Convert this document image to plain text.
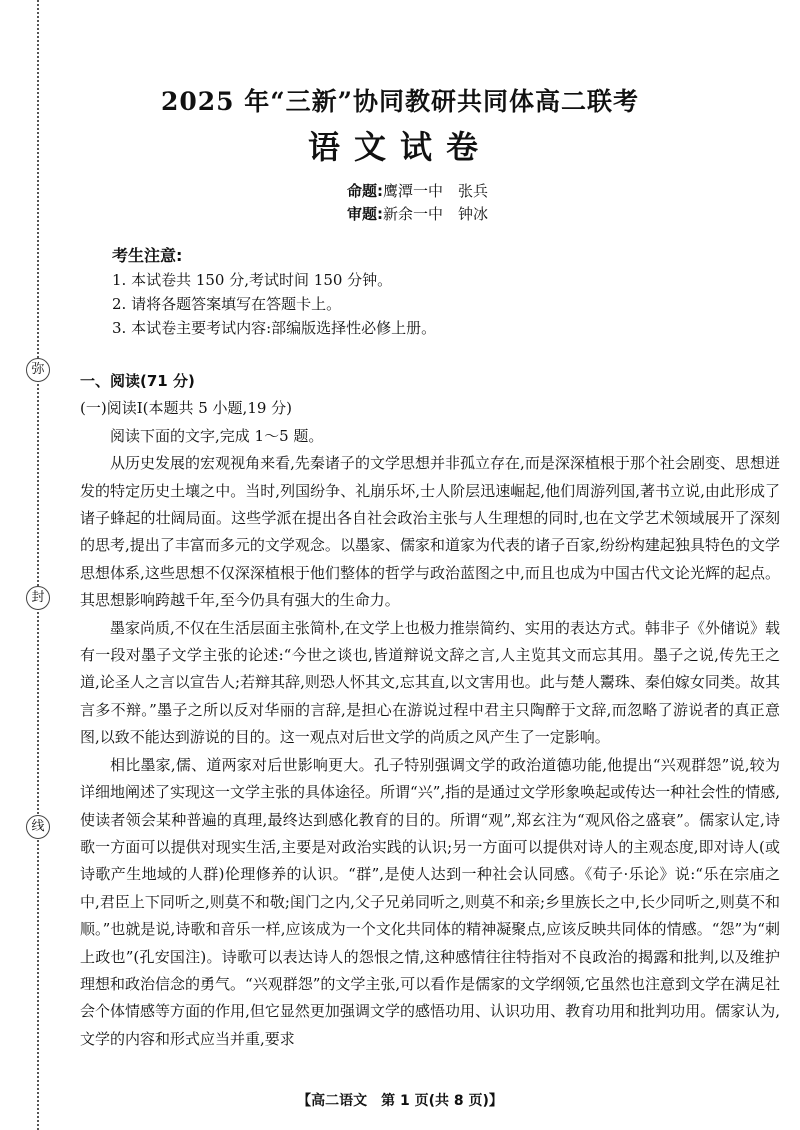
弥
封
线
2025 年“三新”协同教研共同体高二联考
语文试卷
命题:鹰潭一中　张兵
审题:新余一中　钟冰
考生注意:
1. 本试卷共 150 分,考试时间 150 分钟。
2. 请将各题答案填写在答题卡上。
3. 本试卷主要考试内容:部编版选择性必修上册。
一、阅读(71 分)
(一)阅读Ⅰ(本题共 5 小题,19 分)

阅读下面的文字,完成 1～5 题。

从历史发展的宏观视角来看,先秦诸子的文学思想并非孤立存在,而是深深植根于那个社会剧变、思想迸发的特定历史土壤之中。当时,列国纷争、礼崩乐坏,士人阶层迅速崛起,他们周游列国,著书立说,由此形成了诸子蜂起的壮阔局面。这些学派在提出各自社会政治主张与人生理想的同时,也在文学艺术领域展开了深刻的思考,提出了丰富而多元的文学观念。以墨家、儒家和道家为代表的诸子百家,纷纷构建起独具特色的文学思想体系,这些思想不仅深深植根于他们整体的哲学与政治蓝图之中,而且也成为中国古代文论光辉的起点。其思想影响跨越千年,至今仍具有强大的生命力。

墨家尚质,不仅在生活层面主张简朴,在文学上也极力推崇简约、实用的表达方式。韩非子《外储说》载有一段对墨子文学主张的论述:“今世之谈也,皆道辩说文辞之言,人主览其文而忘其用。墨子之说,传先王之道,论圣人之言以宣告人;若辩其辞,则恐人怀其文,忘其直,以文害用也。此与楚人鬻珠、秦伯嫁女同类。故其言多不辩。”墨子之所以反对华丽的言辞,是担心在游说过程中君主只陶醉于文辞,而忽略了游说者的真正意图,以致不能达到游说的目的。这一观点对后世文学的尚质之风产生了一定影响。

相比墨家,儒、道两家对后世影响更大。孔子特别强调文学的政治道德功能,他提出“兴观群怨”说,较为详细地阐述了实现这一文学主张的具体途径。所谓“兴”,指的是通过文学形象唤起或传达一种社会性的情感,使读者领会某种普遍的真理,最终达到感化教育的目的。所谓“观”,郑玄注为“观风俗之盛衰”。儒家认定,诗歌一方面可以提供对现实生活,主要是对政治实践的认识;另一方面可以提供对诗人的主观态度,即对诗人(或诗歌产生地域的人群)伦理修养的认识。“群”,是使人达到一种社会认同感。《荀子·乐论》说:“乐在宗庙之中,君臣上下同听之,则莫不和敬;闺门之内,父子兄弟同听之,则莫不和亲;乡里族长之中,长少同听之,则莫不和顺。”也就是说,诗歌和音乐一样,应该成为一个文化共同体的精神凝聚点,应该反映共同体的情感。“怨”为“刺上政也”(孔安国注)。诗歌可以表达诗人的怨恨之情,这种感情往往特指对不良政治的揭露和批判,以及维护理想和政治信念的勇气。“兴观群怨”的文学主张,可以看作是儒家的文学纲领,它虽然也注意到文学在满足社会个体情感等方面的作用,但它显然更加强调文学的感悟功用、认识功用、教育功用和批判功用。儒家认为,文学的内容和形式应当并重,要求

【高二语文　第 1 页(共 8 页)】
